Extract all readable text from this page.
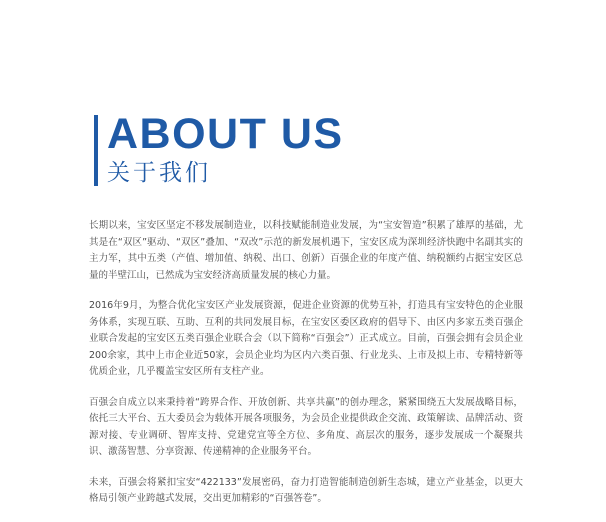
ABOUT US
关于我们

长期以来，宝安区坚定不移发展制造业，以科技赋能制造业发展，为“宝安智造”积累了雄厚的基础，尤其是在“双区”驱动、“双区”叠加、“双改”示范的新发展机遇下，宝安区成为深圳经济快跑中名副其实的主力军，其中五类（产值、增加值、纳税、出口、创新）百强企业的年度产值、纳税额约占据宝安区总量的半壁江山，已然成为宝安经济高质量发展的核心力量。

2016年9月，为整合优化宝安区产业发展资源，促进企业资源的优势互补，打造具有宝安特色的企业服务体系，实现互联、互助、互利的共同发展目标，在宝安区委区政府的倡导下、由区内多家五类百强企业联合发起的宝安区五类百强企业联合会（以下简称“百强会”）正式成立。目前，百强会拥有会员企业200余家，其中上市企业近50家，会员企业均为区内六类百强、行业龙头、上市及拟上市、专精特新等优质企业，几乎覆盖宝安区所有支柱产业。

百强会自成立以来秉持着“跨界合作、开放创新、共享共赢”的创办理念，紧紧围绕五大发展战略目标，依托三大平台、五大委员会为载体开展各项服务，为会员企业提供政企交流、政策解读、品牌活动、资源对接、专业调研、智库支持、党建党宣等全方位、多角度、高层次的服务，逐步发展成一个凝聚共识、激荡智慧、分享资源、传递精神的企业服务平台。

未来，百强会将紧扣宝安“422133”发展密码，奋力打造智能制造创新生态城，建立产业基金，以更大格局引领产业跨越式发展，交出更加精彩的“百强答卷”。
